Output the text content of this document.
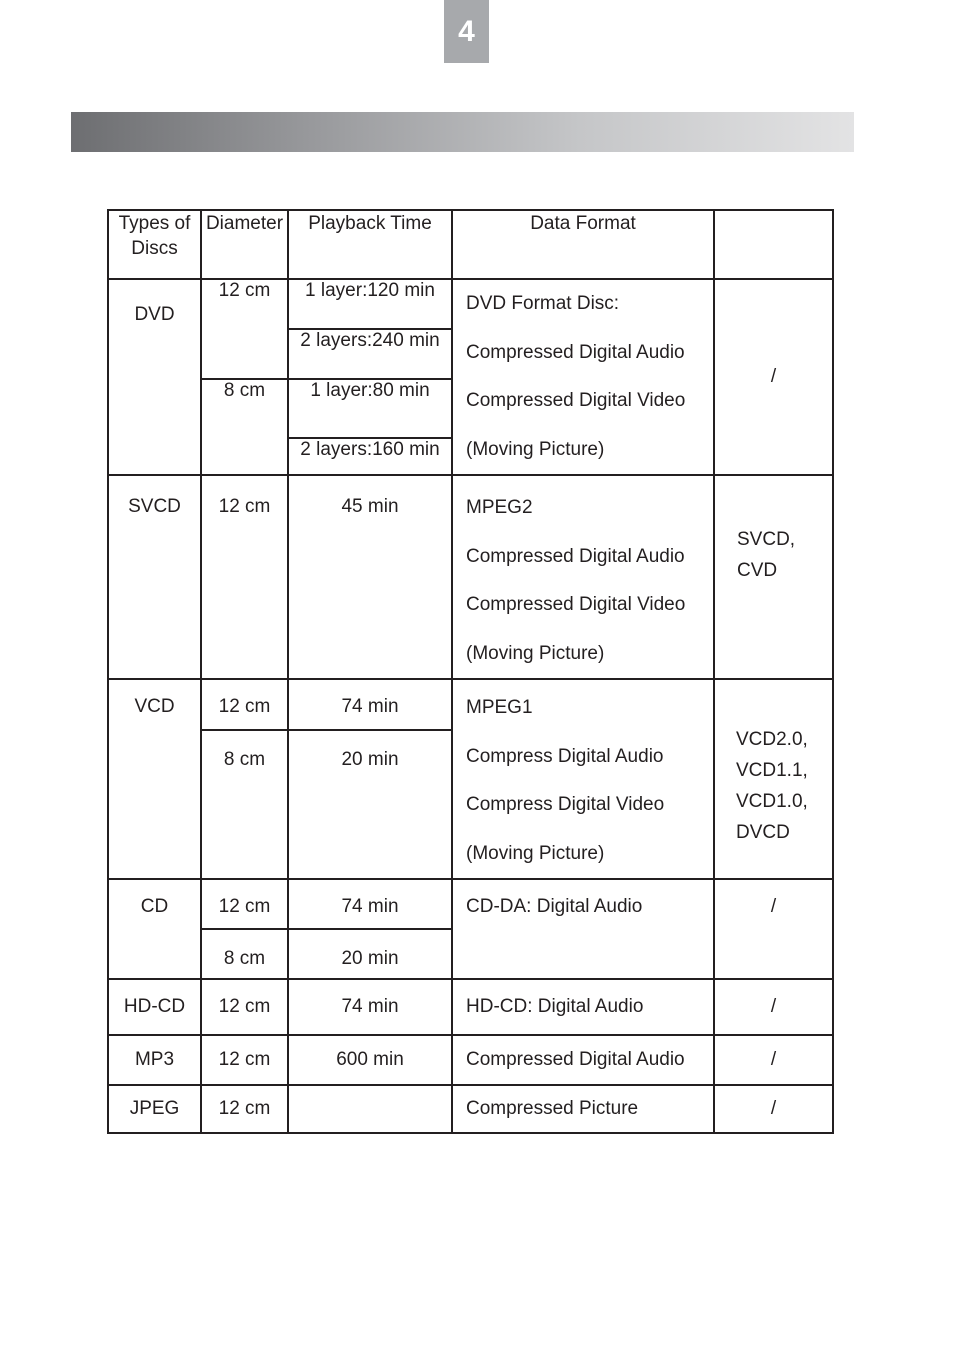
4
Types of Discs	Diameter	Playback Time	Data Format	
DVD	12 cm	1 layer:120 min	DVD Format Disc:
Compressed Digital Audio
Compressed Digital Video
(Moving Picture)	/
		2 layers:240 min		
	8 cm	1 layer:80 min		
		2 layers:160 min		
SVCD	12 cm	45 min	MPEG2
Compressed Digital Audio
Compressed Digital Video
(Moving Picture)	SVCD,
CVD

VCD	12 cm	74 min	MPEG1
Compress Digital Audio
Compress Digital Video
(Moving Picture)	VCD2.0,
VCD1.1,
VCD1.0,
DVCD

	8 cm	20 min		
CD	12 cm	74 min	CD-DA: Digital Audio	/
	8 cm	20 min		
HD-CD	12 cm	74 min	HD-CD: Digital Audio	/
MP3	12 cm	600 min	Compressed Digital Audio	/
JPEG	12 cm		Compressed Picture	/
